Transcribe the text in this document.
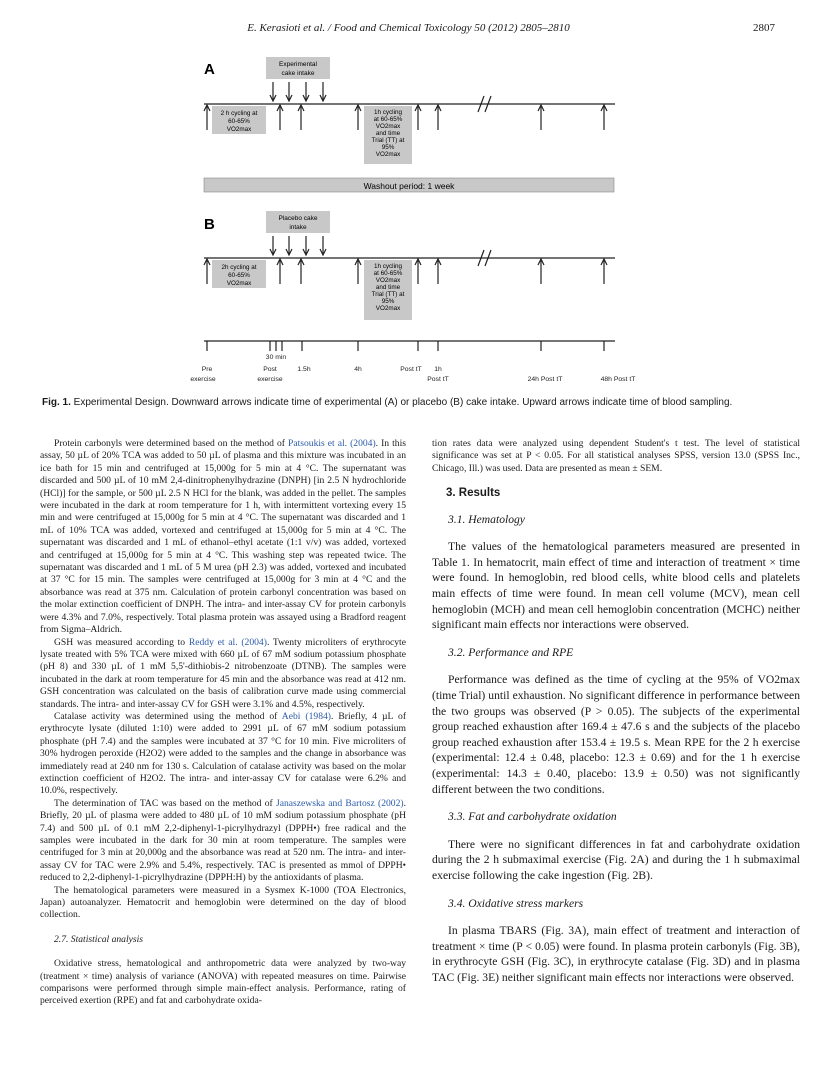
E. Kerasioti et al. / Food and Chemical Toxicology 50 (2012) 2805–2810	2807
A	Experimental
cake intake
2 h cycling at
60-65%
VO2max
1h cycling
at 60-65%
VO2max
and time
Trial (TT) at
95%
VO2max
Washout period: 1 week
B	Placebo cake
intake
2h cycling at
60-65%
VO2max
1h cycling
at 60-65%
VO2max
and time
Trial (TT) at
95%
VO2max
30 min
Pre
exercise
Post
exercise
1.5h	4h	Post tT 1h
Post tT	24h Post tT	48h Post tT
Fig. 1. Experimental Design. Downward arrows indicate time of experimental (A) or placebo (B) cake intake. Upward arrows indicate time of blood sampling.

Protein carbonyls were determined based on the method of Patsoukis et al. (2004). In this assay, 50 µL of 20% TCA was added to 50 µL of plasma and this mixture was incubated in an ice bath for 15 min and centrifuged at 15,000g for 5 min at 4 °C. The supernatant was discarded and 500 µL of 10 mM 2,4-dinitrophenylhydrazine (DNPH) [in 2.5 N hydrochloride (HCl)] for the sample, or 500 µL 2.5 N HCl for the blank, was added in the pellet. The samples were incubated in the dark at room temperature for 1 h, with intermittent vortexing every 15 min and were centrifuged at 15,000g for 5 min at 4 °C. The supernatant was discarded and 1 mL of 10% TCA was added, vortexed and centrifuged at 15,000g for 5 min at 4 °C. The supernatant was discarded and 1 mL of ethanol–ethyl acetate (1:1 v/v) was added, vortexed and centrifuged at 15,000g for 5 min at 4 °C. This washing step was repeated twice. The supernatant was discarded and 1 mL of 5 M urea (pH 2.3) was added, vortexed and incubated at 37 °C for 15 min. The samples were centrifuged at 15,000g for 3 min at 4 °C and the absorbance was read at 375 nm. Calculation of protein carbonyl concentration was based on the molar extinction coefficient of DNPH. The intra- and inter-assay CV for protein carbonyls were 4.3% and 7.0%, respectively. Total plasma protein was assayed using a Bradford reagent from Sigma–Aldrich.

GSH was measured according to Reddy et al. (2004). Twenty microliters of erythrocyte lysate treated with 5% TCA were mixed with 660 µL of 67 mM sodium potassium phosphate (pH 8) and 330 µL of 1 mM 5,5'-dithiobis-2 nitrobenzoate (DTNB). The samples were incubated in the dark at room temperature for 45 min and the absorbance was read at 412 nm. GSH concentration was calculated on the basis of calibration curve made using commercial standards. The intra- and inter-assay CV for GSH were 3.1% and 4.5%, respectively.

Catalase activity was determined using the method of Aebi (1984). Briefly, 4 µL of erythrocyte lysate (diluted 1:10) were added to 2991 µL of 67 mM sodium potassium phosphate (pH 7.4) and the samples were incubated at 37 °C for 10 min. Five microliters of 30% hydrogen peroxide (H2O2) were added to the samples and the change in absorbance was immediately read at 240 nm for 130 s. Calculation of catalase activity was based on the molar extinction coefficient of H2O2. The intra- and inter-assay CV for catalase were 6.2% and 10.0%, respectively.

The determination of TAC was based on the method of Janaszewska and Bartosz (2002). Briefly, 20 µL of plasma were added to 480 µL of 10 mM sodium potassium phosphate (pH 7.4) and 500 µL of 0.1 mM 2,2-diphenyl-1-picrylhydrazyl (DPPH•) free radical and the samples were incubated in the dark for 30 min at room temperature. The samples were centrifuged for 3 min at 20,000g and the absorbance was read at 520 nm. The intra- and inter-assay CV for TAC were 2.9% and 5.4%, respectively. TAC is presented as mmol of DPPH• reduced to 2,2-diphenyl-1-picrylhydrazine (DPPH:H) by the antioxidants of plasma.

The hematological parameters were measured in a Sysmex K-1000 (TOA Electronics, Japan) autoanalyzer. Hematocrit and hemoglobin were determined on the day of blood collection.

2.7. Statistical analysis

Oxidative stress, hematological and anthropometric data were analyzed by two-way (treatment × time) analysis of variance (ANOVA) with repeated measures on time. Pairwise comparisons were performed through simple main-effect analysis. Performance, rating of perceived exertion (RPE) and fat and carbohydrate oxida-

tion rates data were analyzed using dependent Student's t test. The level of statistical significance was set at P < 0.05. For all statistical analyses SPSS, version 13.0 (SPSS Inc., Chicago, Ill.) was used. Data are presented as mean ± SEM.

3. Results

3.1. Hematology

The values of the hematological parameters measured are presented in Table 1. In hematocrit, main effect of time and interaction of treatment × time were found. In hemoglobin, red blood cells, white blood cells and platelets main effects of time were found. In mean cell volume (MCV), mean cell hemoglobin (MCH) and mean cell hemoglobin concentration (MCHC) neither significant main effects nor interactions were observed.

3.2. Performance and RPE

Performance was defined as the time of cycling at the 95% of VO2max (time Trial) until exhaustion. No significant difference in performance between the two groups was observed (P > 0.05). The subjects of the experimental group reached exhaustion after 169.4 ± 47.6 s and the subjects of the placebo group reached exhaustion after 153.4 ± 19.5 s. Mean RPE for the 2 h exercise (experimental: 12.4 ± 0.48, placebo: 12.3 ± 0.69) and for the 1 h exercise (experimental: 14.3 ± 0.40, placebo: 13.9 ± 0.50) was not significantly different between the two conditions.

3.3. Fat and carbohydrate oxidation

There were no significant differences in fat and carbohydrate oxidation during the 2 h submaximal exercise (Fig. 2A) and during the 1 h submaximal exercise following the cake ingestion (Fig. 2B).

3.4. Oxidative stress markers

In plasma TBARS (Fig. 3A), main effect of treatment and interaction of treatment × time (P < 0.05) were found. In plasma protein carbonyls (Fig. 3B), in erythrocyte GSH (Fig. 3C), in erythrocyte catalase (Fig. 3D) and in plasma TAC (Fig. 3E) neither significant main effects nor interactions were observed.
